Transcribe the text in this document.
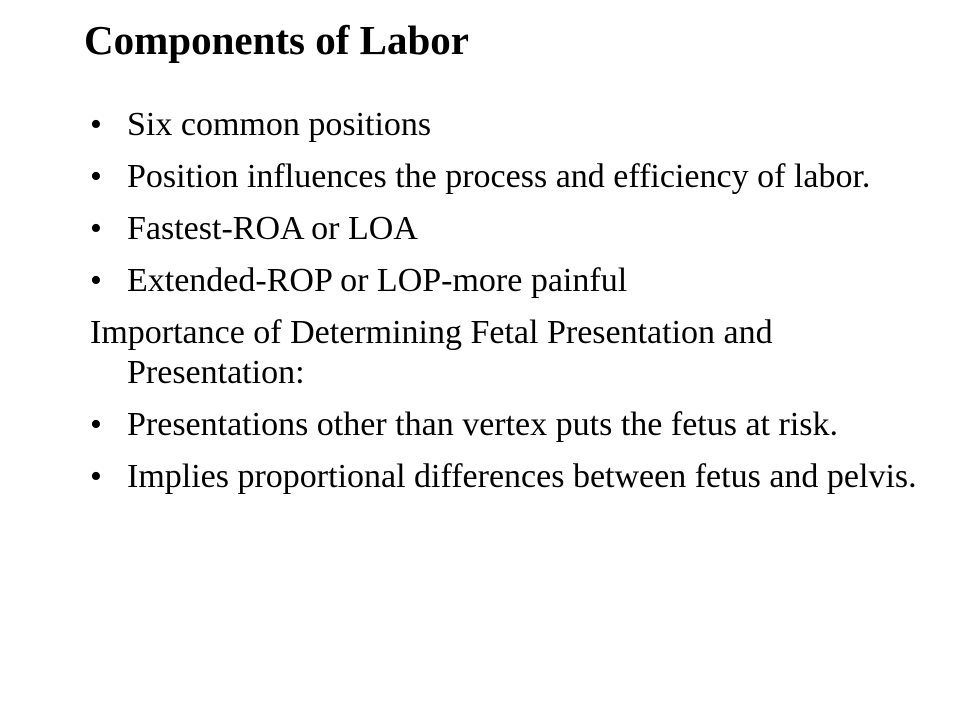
Components of Labor
• Six common positions
• Position influences the process and efficiency of labor.
• Fastest-ROA or LOA
• Extended-ROP or LOP-more painful
Importance of Determining Fetal Presentation and Presentation:
• Presentations other than vertex puts the fetus at risk.
• Implies proportional differences between fetus and pelvis.
